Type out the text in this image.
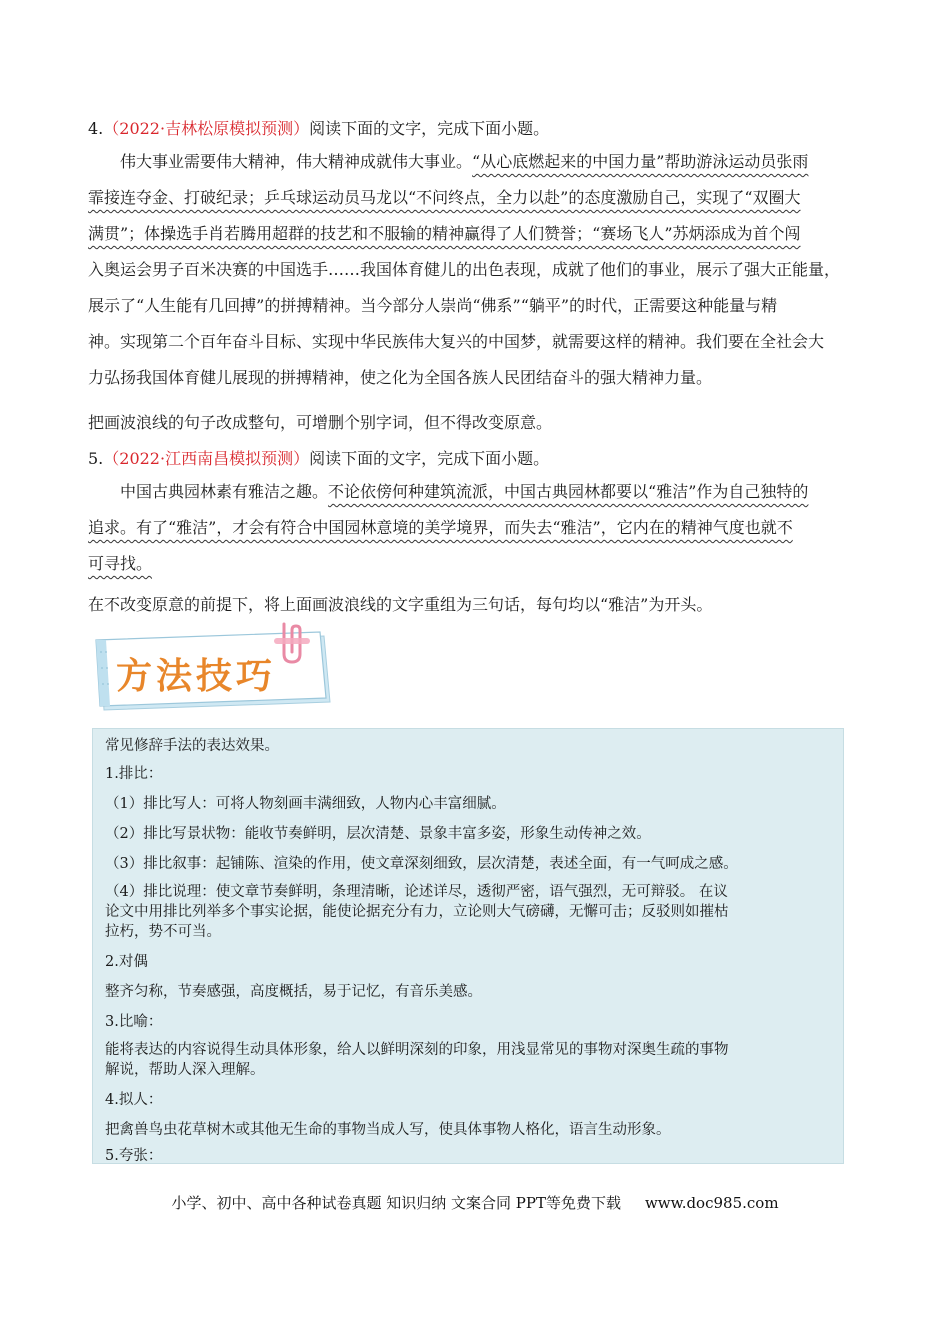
4.（2022·吉林松原模拟预测）阅读下面的文字，完成下面小题。
伟大事业需要伟大精神，伟大精神成就伟大事业。“从心底燃起来的中国力量”帮助游泳运动员张雨
霏接连夺金、打破纪录；乒乓球运动员马龙以“不问终点，全力以赴”的态度激励自己，实现了“双圈大
满贯”；体操选手肖若腾用超群的技艺和不服输的精神赢得了人们赞誉；“赛场飞人”苏炳添成为首个闯
入奥运会男子百米决赛的中国选手……我国体育健儿的出色表现，成就了他们的事业，展示了强大正能量，
展示了“人生能有几回搏”的拼搏精神。当今部分人崇尚“佛系”“躺平”的时代，正需要这种能量与精
神。实现第二个百年奋斗目标、实现中华民族伟大复兴的中国梦，就需要这样的精神。我们要在全社会大
力弘扬我国体育健儿展现的拼搏精神，使之化为全国各族人民团结奋斗的强大精神力量。
把画波浪线的句子改成整句，可增删个别字词，但不得改变原意。
5.（2022·江西南昌模拟预测）阅读下面的文字，完成下面小题。
中国古典园林素有雅洁之趣。不论依傍何种建筑流派，中国古典园林都要以“雅洁”作为自己独特的
追求。有了“雅洁”，才会有符合中国园林意境的美学境界，而失去“雅洁”，它内在的精神气度也就不
可寻找。
在不改变原意的前提下，将上面画波浪线的文字重组为三句话，每句均以“雅洁”为开头。
方法技巧
常见修辞手法的表达效果。
1.排比：
（1）排比写人：可将人物刻画丰满细致，人物内心丰富细腻。
（2）排比写景状物：能收节奏鲜明，层次清楚、景象丰富多姿，形象生动传神之效。
（3）排比叙事：起铺陈、渲染的作用，使文章深刻细致，层次清楚，表述全面，有一气呵成之感。
（4）排比说理：使文章节奏鲜明，条理清晰，论述详尽，透彻严密，语气强烈，无可辩驳。 在议
论文中用排比列举多个事实论据，能使论据充分有力，立论则大气磅礴，无懈可击；反驳则如摧枯
拉朽，势不可当。
2.对偶
整齐匀称，节奏感强，高度概括，易于记忆，有音乐美感。
3.比喻：
能将表达的内容说得生动具体形象，给人以鲜明深刻的印象，用浅显常见的事物对深奥生疏的事物
解说，帮助人深入理解。
4.拟人：
把禽兽鸟虫花草树木或其他无生命的事物当成人写，使具体事物人格化，语言生动形象。
5.夸张：
小学、初中、高中各种试卷真题 知识归纳 文案合同 PPT等免费下载 www.doc985.com
